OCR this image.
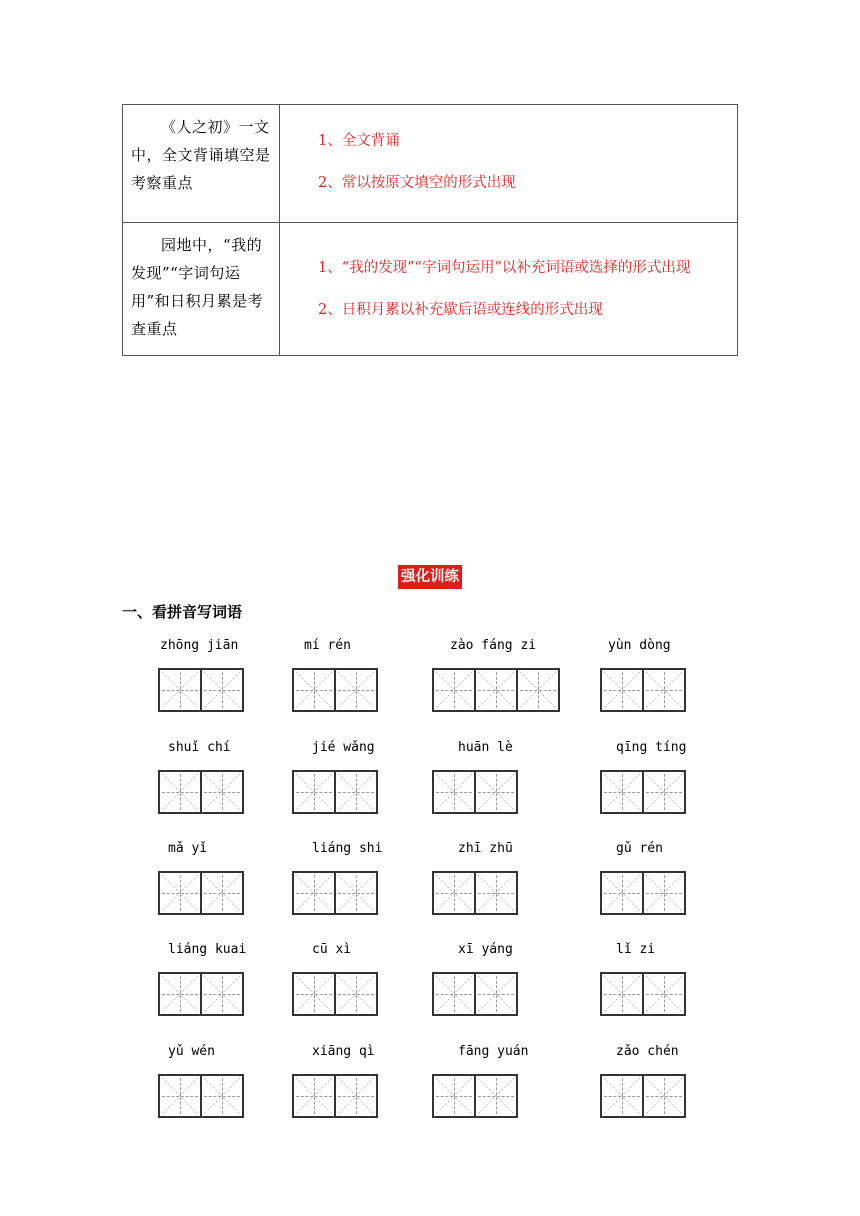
《人之初》一文中，全文背诵填空是考察重点
1、全文背诵
2、常以按原文填空的形式出现
园地中，“我的发现”“字词句运用”和日积月累是考查重点
1、“我的发现”“字词句运用”以补充词语或选择的形式出现
2、日积月累以补充歇后语或连线的形式出现
强化训练
一、看拼音写词语
zhōng jiān	mí rén	zào fáng zi	yùn dòng
shuǐ chí	jié wǎng	huān lè	qīng tíng
mǎ yǐ	liáng shi	zhī zhū	gǔ rén
liáng kuai	cū xì	xī yáng	lǐ zi
yǔ wén	xiāng qì	fāng yuán	zǎo chén
